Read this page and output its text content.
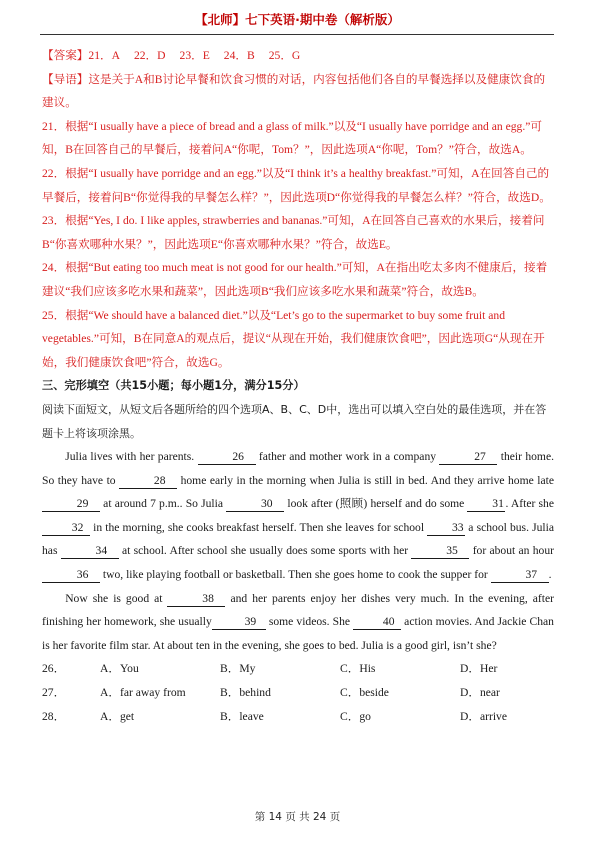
【北师】七下英语·期中卷（解析版）

【答案】21．A 22．D 23．E 24．B 25．G

【导语】这是关于A和B讨论早餐和饮食习惯的对话，内容包括他们各自的早餐选择以及健康饮食的建议。

21．根据“I usually have a piece of bread and a glass of milk.”以及“I usually have porridge and an egg.”可知，B在回答自己的早餐后，接着问A“你呢，Tom？”，因此选项A“你呢，Tom？”符合，故选A。

22．根据“I usually have porridge and an egg.”以及“I think it’s a healthy breakfast.”可知，A在回答自己的早餐后，接着问B“你觉得我的早餐怎么样？”，因此选项D“你觉得我的早餐怎么样？”符合，故选D。

23．根据“Yes, I do. I like apples, strawberries and bananas.”可知，A在回答自己喜欢的水果后，接着问B“你喜欢哪种水果？”，因此选项E“你喜欢哪种水果？”符合，故选E。

24．根据“But eating too much meat is not good for our health.”可知，A在指出吃太多肉不健康后，接着建议“我们应该多吃水果和蔬菜”，因此选项B“我们应该多吃水果和蔬菜”符合，故选B。

25．根据“We should have a balanced diet.”以及“Let’s go to the supermarket to buy some fruit and vegetables.”可知，B在同意A的观点后，提议“从现在开始，我们健康饮食吧”，因此选项G“从现在开始，我们健康饮食吧”符合，故选G。

三、完形填空（共15小题；每小题1分，满分15分）

阅读下面短文，从短文后各题所给的四个选项A、B、C、D中，选出可以填入空白处的最佳选项，并在答题卡上将该项涂黑。

Julia lives with her parents.	26 father and mother work in a company	27 their home. So they have to	28 home early in the morning when Julia is still in bed. And they arrive home late 29 at around 7 p.m.. So Julia	30 look after (照顾) herself and do some 31 . After she 32 in the morning, she cooks breakfast herself. Then she leaves for school 33 a school bus. Julia has	34 at school. After school she usually does some sports with her	35 for about an hour 36 two, like playing football or basketball. Then she goes home to cook the supper for	37 .

Now she is good at	38 and her parents enjoy her dishes very much. In the evening, after finishing her homework, she usually	39 some videos. She	40 action movies. And Jackie Chan is her favorite film star. At about ten in the evening, she goes to bed. Julia is a good girl, isn’t she?

26．	A．You	B．My	C．His	D．Her
27．	A．far away from	B．behind	C．beside	D．near
28．	A．get	B．leave	C．go	D．arrive
第 14 页 共 24 页
